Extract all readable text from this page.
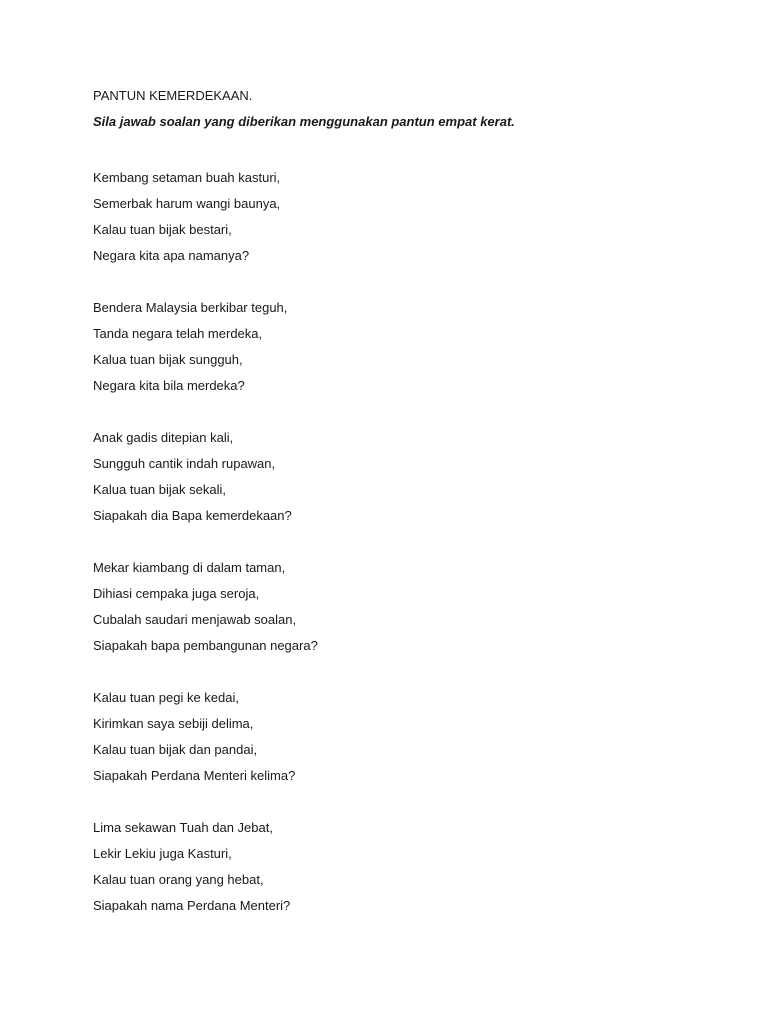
PANTUN KEMERDEKAAN.
Sila jawab soalan yang diberikan menggunakan pantun empat kerat.
Kembang setaman buah kasturi,
Semerbak harum wangi baunya,
Kalau tuan bijak bestari,
Negara kita apa namanya?
Bendera Malaysia berkibar teguh,
Tanda negara telah merdeka,
Kalua tuan bijak sungguh,
Negara kita bila merdeka?
Anak gadis ditepian kali,
Sungguh cantik indah rupawan,
Kalua tuan bijak sekali,
Siapakah dia Bapa kemerdekaan?
Mekar kiambang di dalam taman,
Dihiasi cempaka juga seroja,
Cubalah saudari menjawab soalan,
Siapakah bapa pembangunan negara?
Kalau tuan pegi ke kedai,
Kirimkan saya sebiji delima,
Kalau tuan bijak dan pandai,
Siapakah Perdana Menteri kelima?
Lima sekawan Tuah dan Jebat,
Lekir Lekiu juga Kasturi,
Kalau tuan orang yang hebat,
Siapakah nama Perdana Menteri?
